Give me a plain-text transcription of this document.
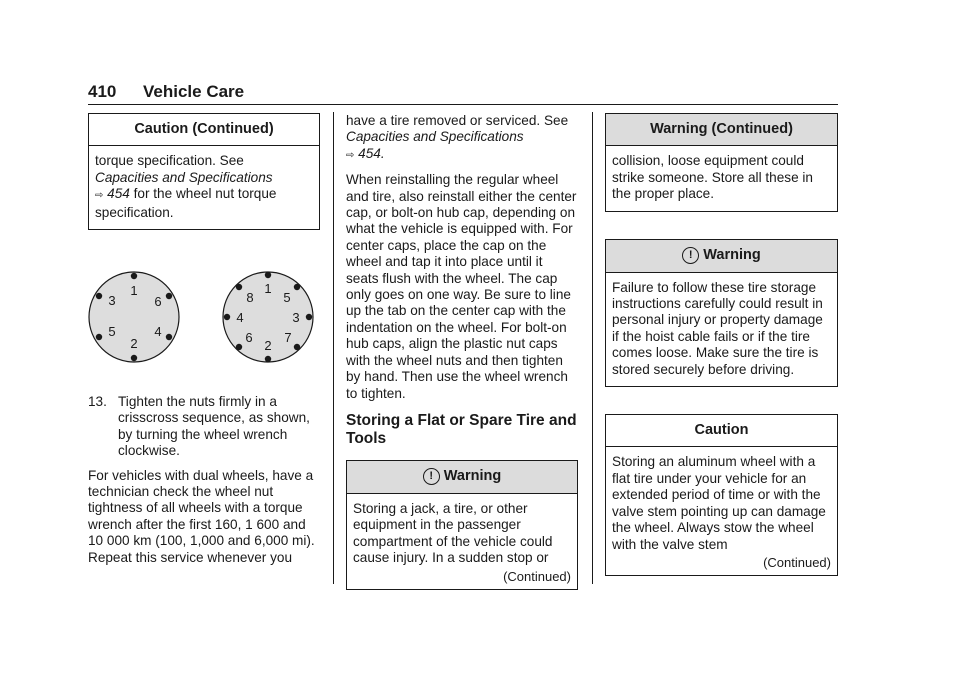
410 Vehicle Care
Caution (Continued)

torque specification. See
Capacities and Specifications
⇨ 454 for the wheel nut torque specification.

1
6
4
2
5
3
1
5
3
7
2
6
4
8
13. Tighten the nuts firmly in a crisscross sequence, as shown, by turning the wheel wrench clockwise.

For vehicles with dual wheels, have a technician check the wheel nut tightness of all wheels with a torque wrench after the first 160, 1 600 and 10 000 km (100, 1,000 and 6,000 mi). Repeat this service whenever you

have a tire removed or serviced. See Capacities and Specifications
⇨ 454.

When reinstalling the regular wheel and tire, also reinstall either the center cap, or bolt-on hub cap, depending on what the vehicle is equipped with. For center caps, place the cap on the wheel and tap it into place until it seats flush with the wheel. The cap only goes on one way. Be sure to line up the tab on the center cap with the indentation on the wheel. For bolt-on hub caps, align the plastic nut caps with the wheel nuts and then tighten by hand. Then use the wheel wrench to tighten.

Storing a Flat or Spare Tire and Tools
! Warning

Storing a jack, a tire, or other equipment in the passenger compartment of the vehicle could cause injury. In a sudden stop or

(Continued)
Warning (Continued)

collision, loose equipment could strike someone. Store all these in the proper place.

! Warning

Failure to follow these tire storage instructions carefully could result in personal injury or property damage if the hoist cable fails or if the tire comes loose. Make sure the tire is stored securely before driving.

Caution

Storing an aluminum wheel with a flat tire under your vehicle for an extended period of time or with the valve stem pointing up can damage the wheel. Always stow the wheel with the valve stem

(Continued)
